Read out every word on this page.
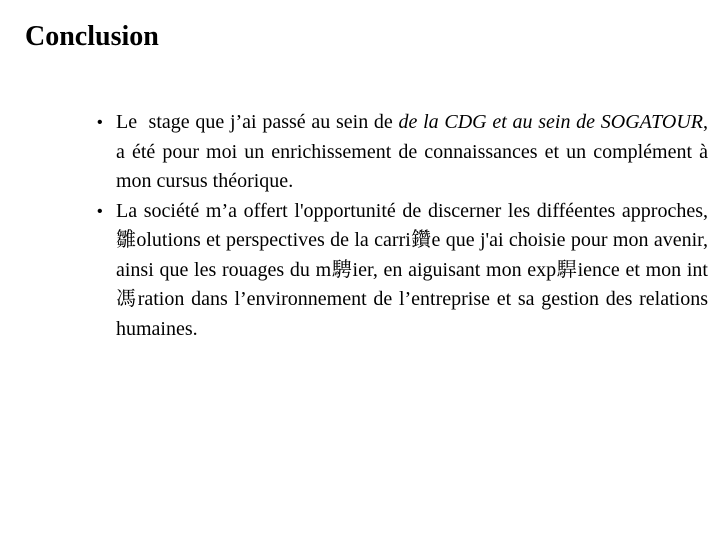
Conclusion
• Le  stage que j’ai passé au sein de de la CDG et au sein de SOGATOUR, a été pour moi un enrichissement de connaissances et un complément à mon cursus théorique.
• La société m’a offert l'opportunité de discerner les difféentes approches, 雛olutions et perspectives de la carri鑽e que j'ai choisie pour mon avenir, ainsi que les rouages du m騁ier, en aiguisant mon exp駻ience et mon int馮ration dans l’environnement de l’entreprise et sa gestion des relations humaines.
